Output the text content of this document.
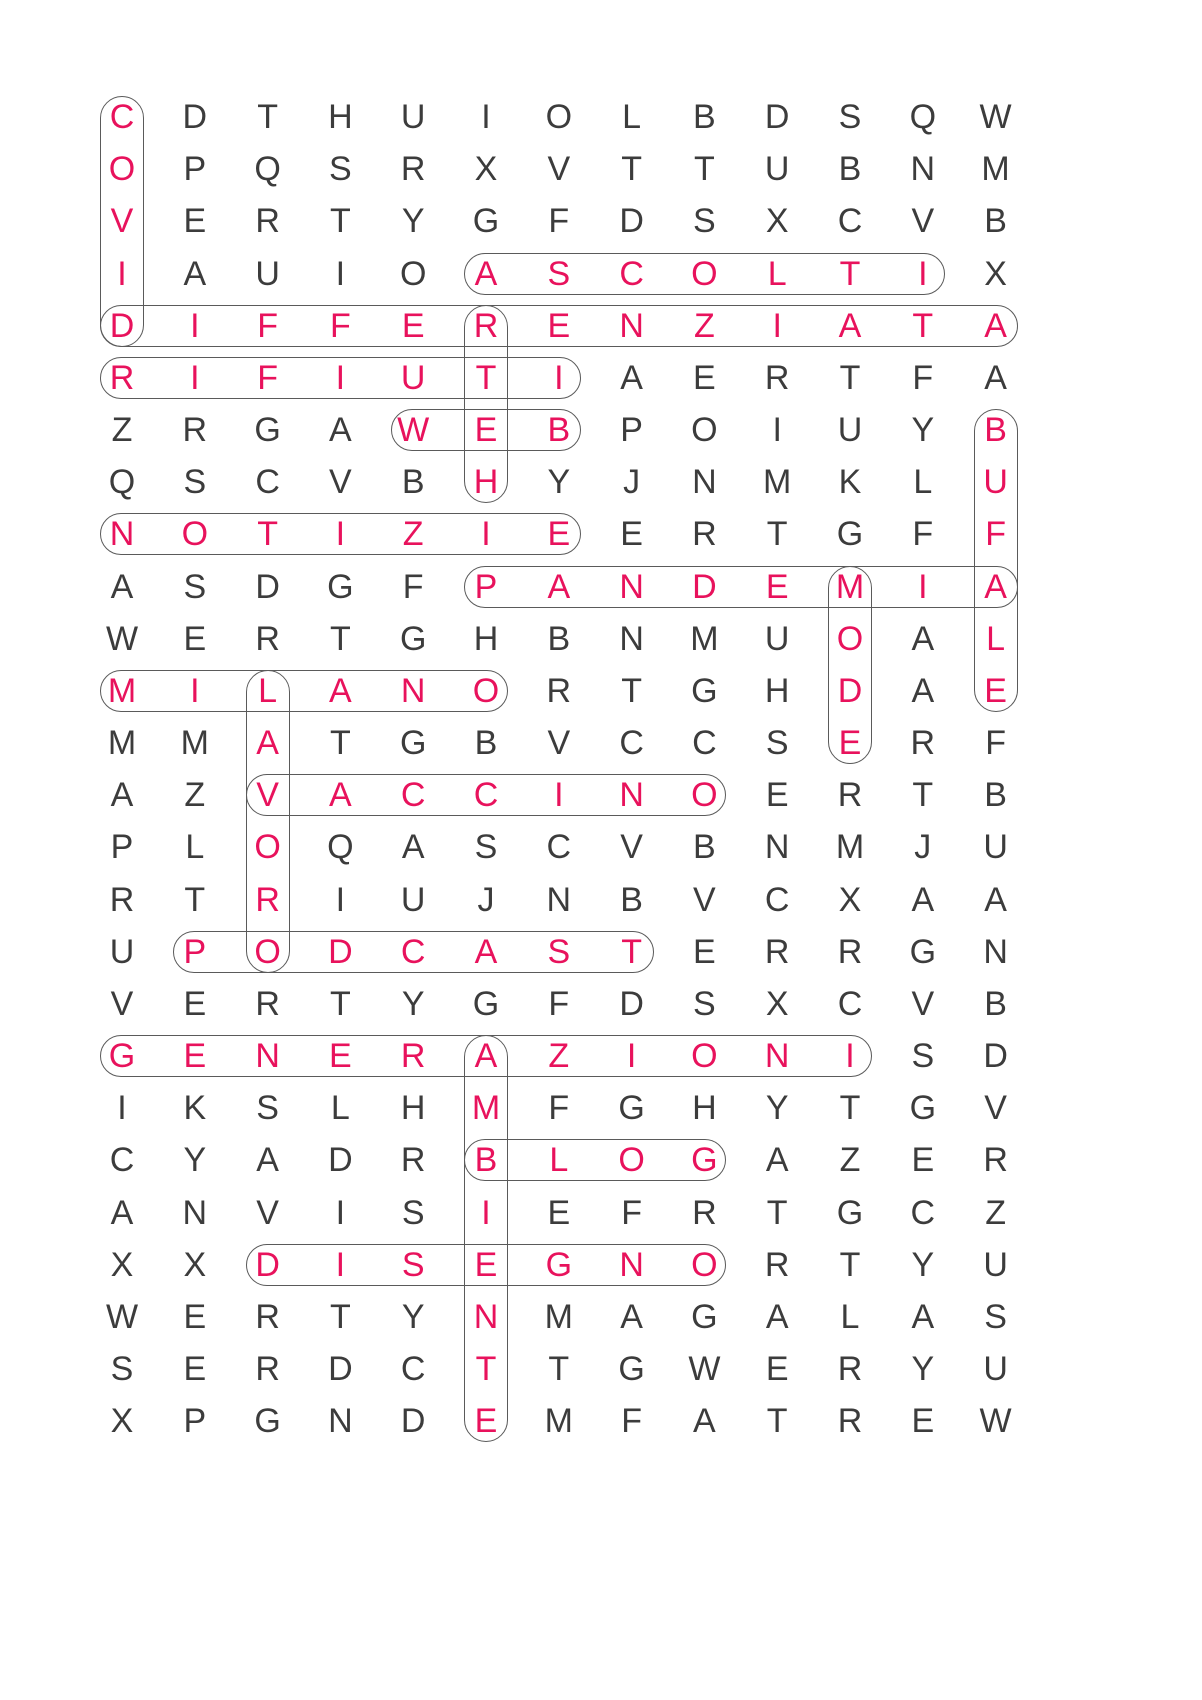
C	D	T	H	U	I	O	L	B	D	S	Q	W
O	P	Q	S	R	X	V	T	T	U	B	N	M
V	E	R	T	Y	G	F	D	S	X	C	V	B
I	A	U	I	O	A	S	C	O	L	T	I	X
D	I	F	F	E	R	E	N	Z	I	A	T	A
R	I	F	I	U	T	I	A	E	R	T	F	A
Z	R	G	A	W	E	B	P	O	I	U	Y	B
Q	S	C	V	B	H	Y	J	N	M	K	L	U
N	O	T	I	Z	I	E	E	R	T	G	F	F
A	S	D	G	F	P	A	N	D	E	M	I	A
W	E	R	T	G	H	B	N	M	U	O	A	L
M	I	L	A	N	O	R	T	G	H	D	A	E
M	M	A	T	G	B	V	C	C	S	E	R	F
A	Z	V	A	C	C	I	N	O	E	R	T	B
P	L	O	Q	A	S	C	V	B	N	M	J	U
R	T	R	I	U	J	N	B	V	C	X	A	A
U	P	O	D	C	A	S	T	E	R	R	G	N
V	E	R	T	Y	G	F	D	S	X	C	V	B
G	E	N	E	R	A	Z	I	O	N	I	S	D
I	K	S	L	H	M	F	G	H	Y	T	G	V
C	Y	A	D	R	B	L	O	G	A	Z	E	R
A	N	V	I	S	I	E	F	R	T	G	C	Z
X	X	D	I	S	E	G	N	O	R	T	Y	U
W	E	R	T	Y	N	M	A	G	A	L	A	S
S	E	R	D	C	T	T	G	W	E	R	Y	U
X	P	G	N	D	E	M	F	A	T	R	E	W
